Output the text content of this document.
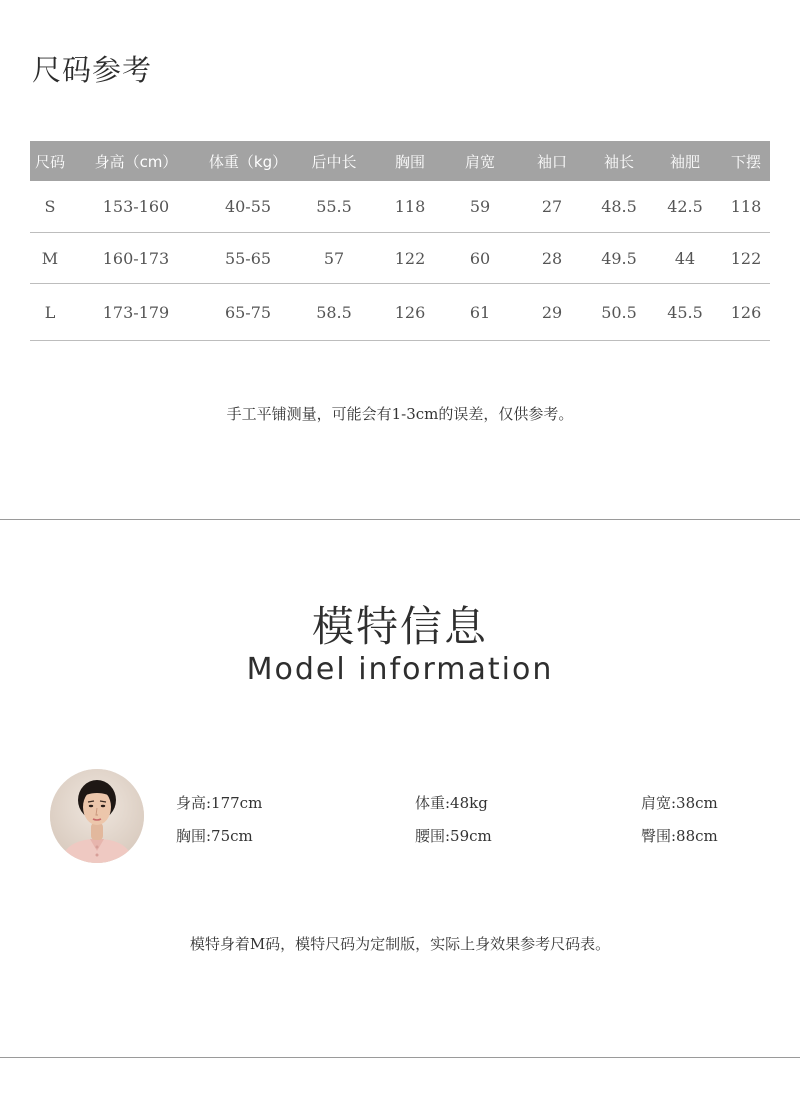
尺码参考
尺码	身高（cm）	体重（kg）	后中长	胸围	肩宽	袖口	袖长	袖肥	下摆
S	153-160	40-55	55.5	118	59	27	48.5	42.5	118
M	160-173	55-65	57	122	60	28	49.5	44	122
L	173-179	65-75	58.5	126	61	29	50.5	45.5	126
手工平铺测量，可能会有1-3cm的误差，仅供参考。
模特信息
Model information
身高:177cm	体重:48kg	肩宽:38cm
胸围:75cm	腰围:59cm	臀围:88cm
模特身着M码，模特尺码为定制版，实际上身效果参考尺码表。
